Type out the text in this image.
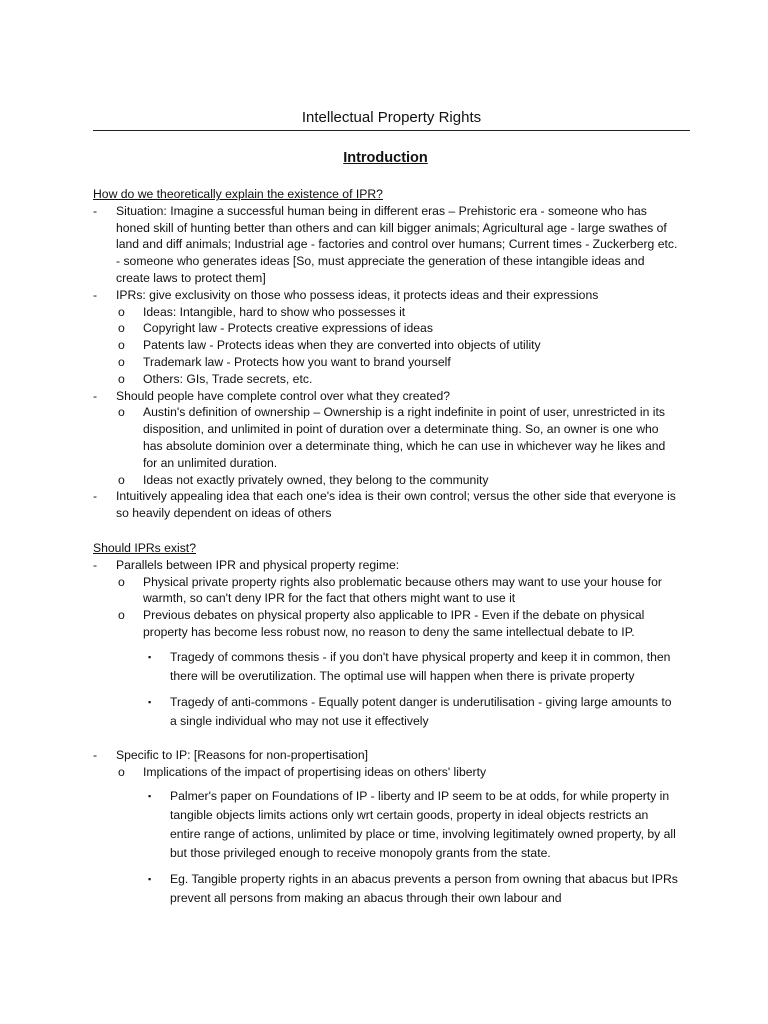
Intellectual Property Rights
Introduction
How do we theoretically explain the existence of IPR?
- Situation: Imagine a successful human being in different eras – Prehistoric era - someone who has honed skill of hunting better than others and can kill bigger animals; Agricultural age - large swathes of land and diff animals; Industrial age - factories and control over humans; Current times - Zuckerberg etc. - someone who generates ideas [So, must appreciate the generation of these intangible ideas and create laws to protect them]
- IPRs: give exclusivity on those who possess ideas, it protects ideas and their expressions
o Ideas: Intangible, hard to show who possesses it
o Copyright law - Protects creative expressions of ideas
o Patents law - Protects ideas when they are converted into objects of utility
o Trademark law - Protects how you want to brand yourself
o Others: GIs, Trade secrets, etc.
- Should people have complete control over what they created?
o Austin's definition of ownership – Ownership is a right indefinite in point of user, unrestricted in its disposition, and unlimited in point of duration over a determinate thing. So, an owner is one who has absolute dominion over a determinate thing, which he can use in whichever way he likes and for an unlimited duration.
o Ideas not exactly privately owned, they belong to the community
- Intuitively appealing idea that each one's idea is their own control; versus the other side that everyone is so heavily dependent on ideas of others
Should IPRs exist?
- Parallels between IPR and physical property regime:
o Physical private property rights also problematic because others may want to use your house for warmth, so can't deny IPR for the fact that others might want to use it
o Previous debates on physical property also applicable to IPR - Even if the debate on physical property has become less robust now, no reason to deny the same intellectual debate to IP.
▪ Tragedy of commons thesis - if you don't have physical property and keep it in common, then there will be overutilization. The optimal use will happen when there is private property
▪ Tragedy of anti-commons - Equally potent danger is underutilisation - giving large amounts to a single individual who may not use it effectively
- Specific to IP: [Reasons for non-propertisation]
o Implications of the impact of propertising ideas on others' liberty
▪ Palmer's paper on Foundations of IP - liberty and IP seem to be at odds, for while property in tangible objects limits actions only wrt certain goods, property in ideal objects restricts an entire range of actions, unlimited by place or time, involving legitimately owned property, by all but those privileged enough to receive monopoly grants from the state.
▪ Eg. Tangible property rights in an abacus prevents a person from owning that abacus but IPRs prevent all persons from making an abacus through their own labour and
